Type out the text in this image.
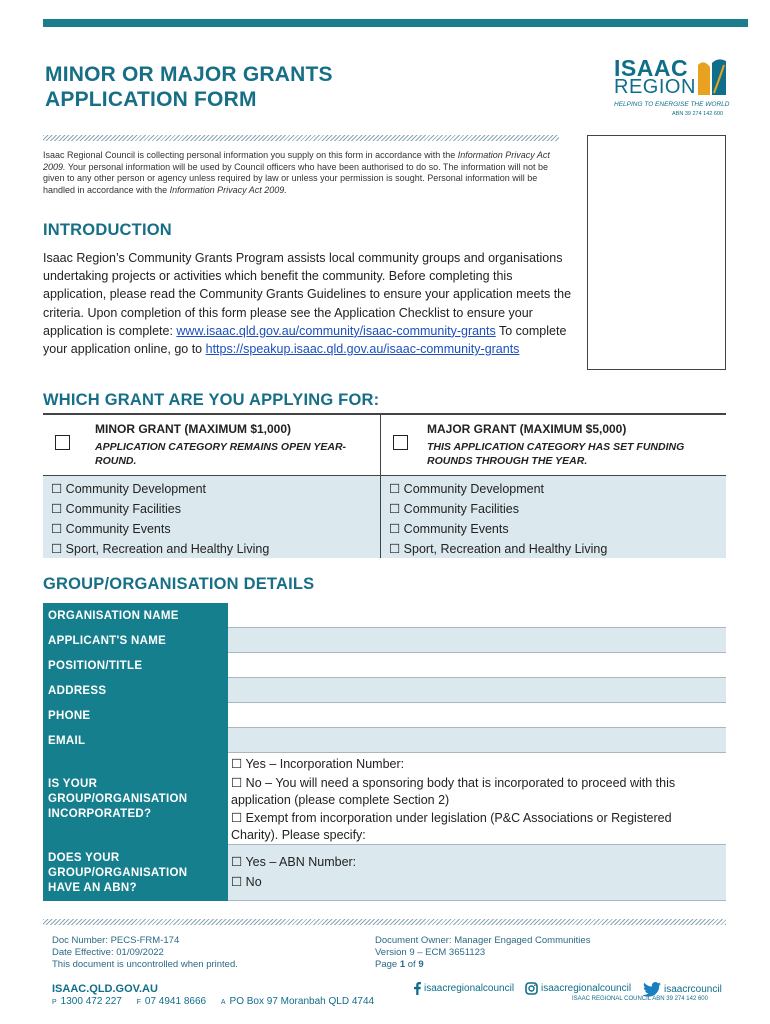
MINOR OR MAJOR GRANTS
APPLICATION FORM
ISAAC
REGION
HELPING TO ENERGISE THE WORLD
ABN 39 274 142 600

Isaac Regional Council is collecting personal information you supply on this form in accordance with the Information Privacy Act 2009. Your personal information will be used by Council officers who have been authorised to do so. The information will not be given to any other person or agency unless required by law or unless your permission is sought. Personal information will be handled in accordance with the Information Privacy Act 2009.

INTRODUCTION

Isaac Region’s Community Grants Program assists local community groups and organisations undertaking projects or activities which benefit the community. Before completing this application, please read the Community Grants Guidelines to ensure your application meets the criteria. Upon completion of this form please see the Application Checklist to ensure your application is complete: www.isaac.qld.gov.au/community/isaac-community-grants To complete your application online, go to https://speakup.isaac.qld.gov.au/isaac-community-grants

WHICH GRANT ARE YOU APPLYING FOR:
MINOR GRANT (MAXIMUM $1,000)
APPLICATION CATEGORY REMAINS OPEN YEAR-ROUND.
☐ Community Development
☐ Community Facilities
☐ Community Events
☐ Sport, Recreation and Healthy Living
MAJOR GRANT (MAXIMUM $5,000)
THIS APPLICATION CATEGORY HAS SET FUNDING ROUNDS THROUGH THE YEAR.
☐ Community Development
☐ Community Facilities
☐ Community Events
☐ Sport, Recreation and Healthy Living
GROUP/ORGANISATION DETAILS
ORGANISATION NAME
APPLICANT'S NAME
POSITION/TITLE
ADDRESS
PHONE
EMAIL
IS YOUR GROUP/ORGANISATION INCORPORATED?
☐ Yes – Incorporation Number:
☐ No – You will need a sponsoring body that is incorporated to proceed with this application (please complete Section 2)
☐ Exempt from incorporation under legislation (P&C Associations or Registered Charity). Please specify:
DOES YOUR GROUP/ORGANISATION HAVE AN ABN?
☐ Yes – ABN Number:
☐ No
Doc Number: PECS-FRM-174
Date Effective: 01/09/2022
This document is uncontrolled when printed.
Document Owner: Manager Engaged Communities
Version 9 – ECM 3651123
Page 1 of 9
ISAAC.QLD.GOV.AU
P 1300 472 227 F 07 4941 8666 A PO Box 97 Moranbah QLD 4744
isaacregionalcouncil	isaacregionalcouncil	isaacrcouncil
ISAAC REGIONAL COUNCIL ABN 39 274 142 600
